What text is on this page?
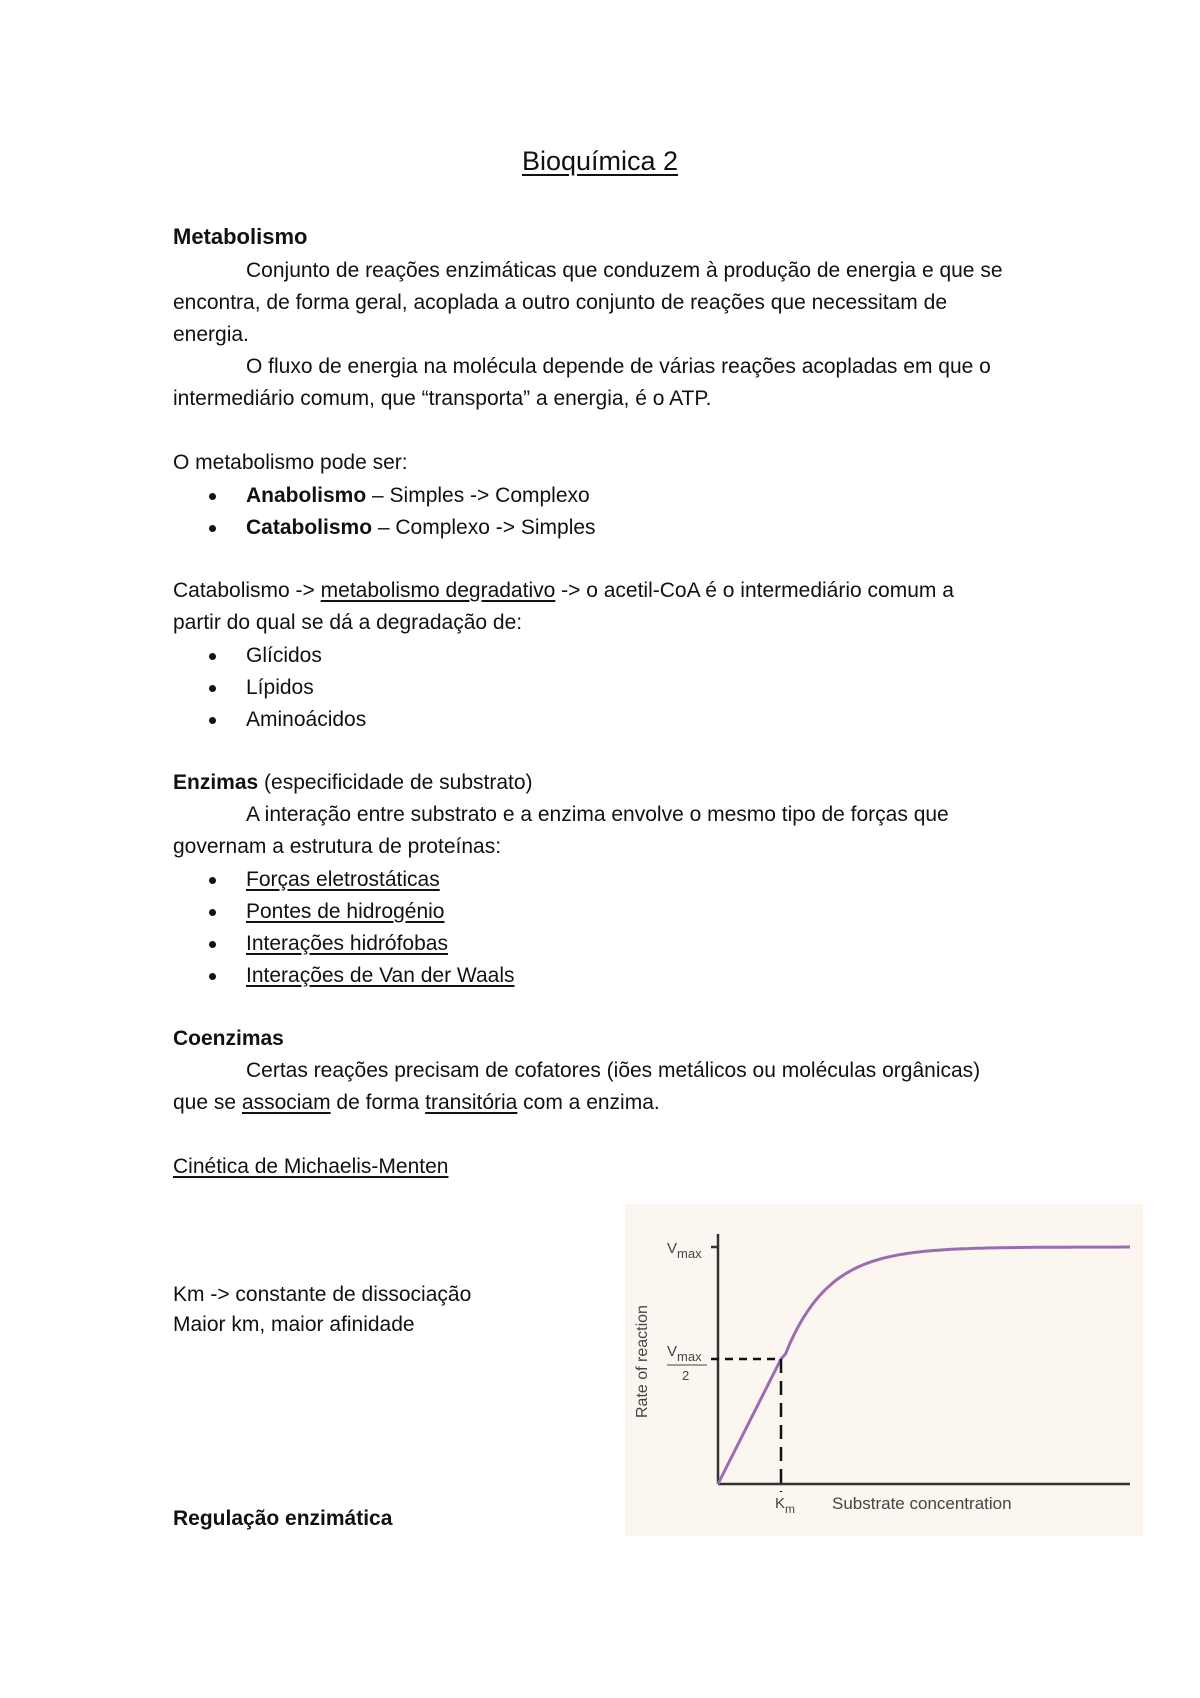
Bioquímica 2
Metabolismo
Conjunto de reações enzimáticas que conduzem à produção de energia e que se
encontra, de forma geral, acoplada a outro conjunto de reações que necessitam de
energia.
O fluxo de energia na molécula depende de várias reações acopladas em que o
intermediário comum, que “transporta” a energia, é o ATP.
O metabolismo pode ser:
Anabolismo – Simples -> Complexo
Catabolismo – Complexo -> Simples
Catabolismo -> metabolismo degradativo -> o acetil-CoA é o intermediário comum a
partir do qual se dá a degradação de:
Glícidos
Lípidos
Aminoácidos
Enzimas (especificidade de substrato)
A interação entre substrato e a enzima envolve o mesmo tipo de forças que
governam a estrutura de proteínas:
Forças eletrostáticas
Pontes de hidrogénio
Interações hidrófobas
Interações de Van der Waals
Coenzimas
Certas reações precisam de cofatores (iões metálicos ou moléculas orgânicas)
que se associam de forma transitória com a enzima.
Cinética de Michaelis-Menten
Km -> constante de dissociação
Maior km, maior afinidade
Regulação enzimática
Vmax
Vmax
2
$K_m$ Substrate concentration
Rate of reaction
